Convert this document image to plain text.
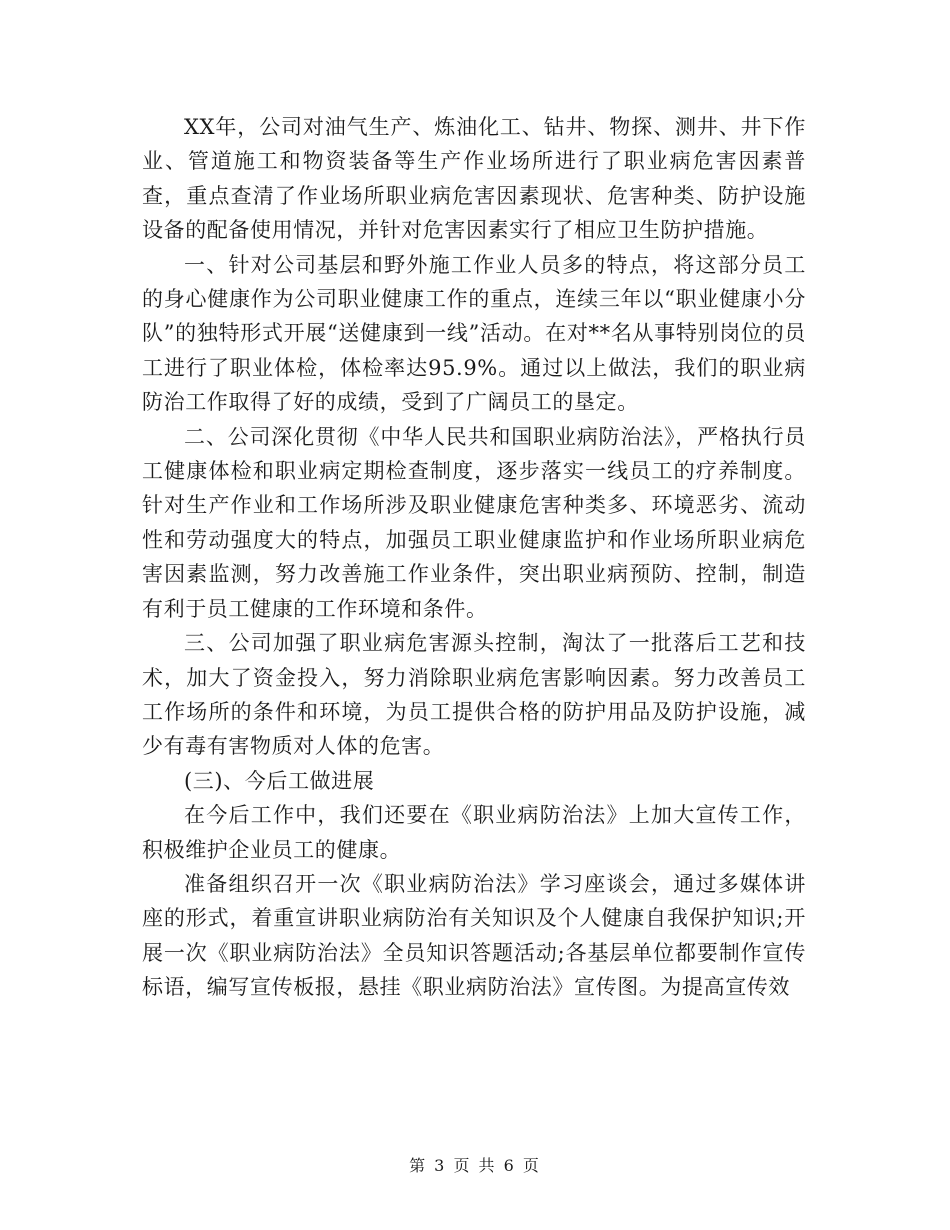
XX年，公司对油气生产、炼油化工、钻井、物探、测井、井下作业、管道施工和物资装备等生产作业场所进行了职业病危害因素普查，重点查清了作业场所职业病危害因素现状、危害种类、防护设施设备的配备使用情况，并针对危害因素实行了相应卫生防护措施。

一、针对公司基层和野外施工作业人员多的特点，将这部分员工的身心健康作为公司职业健康工作的重点，连续三年以“职业健康小分队”的独特形式开展“送健康到一线”活动。在对**名从事特别岗位的员工进行了职业体检，体检率达95.9%。通过以上做法，我们的职业病防治工作取得了好的成绩，受到了广阔员工的垦定。

二、公司深化贯彻《中华人民共和国职业病防治法》，严格执行员工健康体检和职业病定期检查制度，逐步落实一线员工的疗养制度。针对生产作业和工作场所涉及职业健康危害种类多、环境恶劣、流动性和劳动强度大的特点，加强员工职业健康监护和作业场所职业病危害因素监测，努力改善施工作业条件，突出职业病预防、控制，制造有利于员工健康的工作环境和条件。

三、公司加强了职业病危害源头控制，淘汰了一批落后工艺和技术，加大了资金投入，努力消除职业病危害影响因素。努力改善员工工作场所的条件和环境，为员工提供合格的防护用品及防护设施，减少有毒有害物质对人体的危害。

(三)、今后工做进展

在今后工作中，我们还要在《职业病防治法》上加大宣传工作，积极维护企业员工的健康。

准备组织召开一次《职业病防治法》学习座谈会，通过多媒体讲座的形式，着重宣讲职业病防治有关知识及个人健康自我保护知识;开展一次《职业病防治法》全员知识答题活动;各基层单位都要制作宣传标语，编写宣传板报，悬挂《职业病防治法》宣传图。为提高宣传效

第 3 页 共 6 页
